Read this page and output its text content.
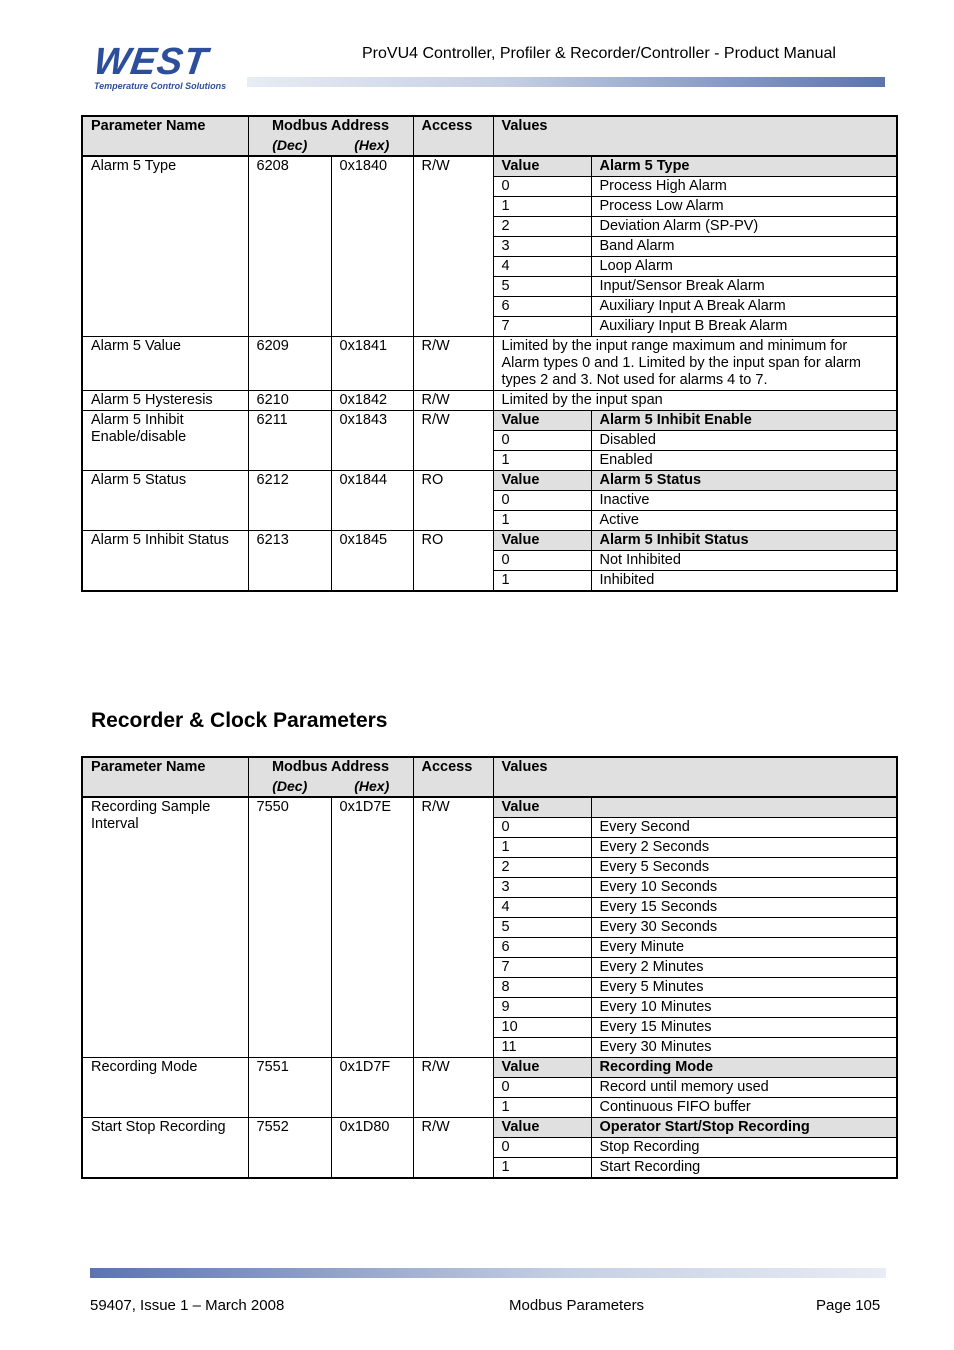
WEST
Temperature Control Solutions
ProVU4 Controller, Profiler & Recorder/Controller - Product Manual
Parameter Name	Modbus Address		Access	Values	
	(Dec)	(Hex)			
Alarm 5 Type	6208	0x1840	R/W	Value	Alarm 5 Type
				0	Process High Alarm
				1	Process Low Alarm
				2	Deviation Alarm (SP-PV)
				3	Band Alarm
				4	Loop Alarm
				5	Input/Sensor Break Alarm
				6	Auxiliary Input A Break Alarm
				7	Auxiliary Input B Break Alarm
Alarm 5 Value	6209	0x1841	R/W	Limited by the input range maximum and minimum for Alarm types 0 and 1. Limited by the input span for alarm types 2 and 3. Not used for alarms 4 to 7.	
Alarm 5 Hysteresis	6210	0x1842	R/W	Limited by the input span	
Alarm 5 Inhibit Enable/disable	6211	0x1843	R/W	Value	Alarm 5 Inhibit Enable
				0	Disabled
				1	Enabled
Alarm 5 Status	6212	0x1844	RO	Value	Alarm 5 Status
				0	Inactive
				1	Active
Alarm 5 Inhibit Status	6213	0x1845	RO	Value	Alarm 5 Inhibit Status
				0	Not Inhibited
				1	Inhibited
Recorder & Clock Parameters
Parameter Name	Modbus Address		Access	Values	
	(Dec)	(Hex)			
Recording Sample Interval	7550	0x1D7E	R/W	Value	
				0	Every Second
				1	Every 2 Seconds
				2	Every 5 Seconds
				3	Every 10 Seconds
				4	Every 15 Seconds
				5	Every 30 Seconds
				6	Every Minute
				7	Every 2 Minutes
				8	Every 5 Minutes
				9	Every 10 Minutes
				10	Every 15 Minutes
				11	Every 30 Minutes
Recording Mode	7551	0x1D7F	R/W	Value	Recording Mode
				0	Record until memory used
				1	Continuous FIFO buffer
Start Stop Recording	7552	0x1D80	R/W	Value	Operator Start/Stop Recording
				0	Stop Recording
				1	Start Recording
59407, Issue 1 – March 2008	Modbus Parameters	Page 105
